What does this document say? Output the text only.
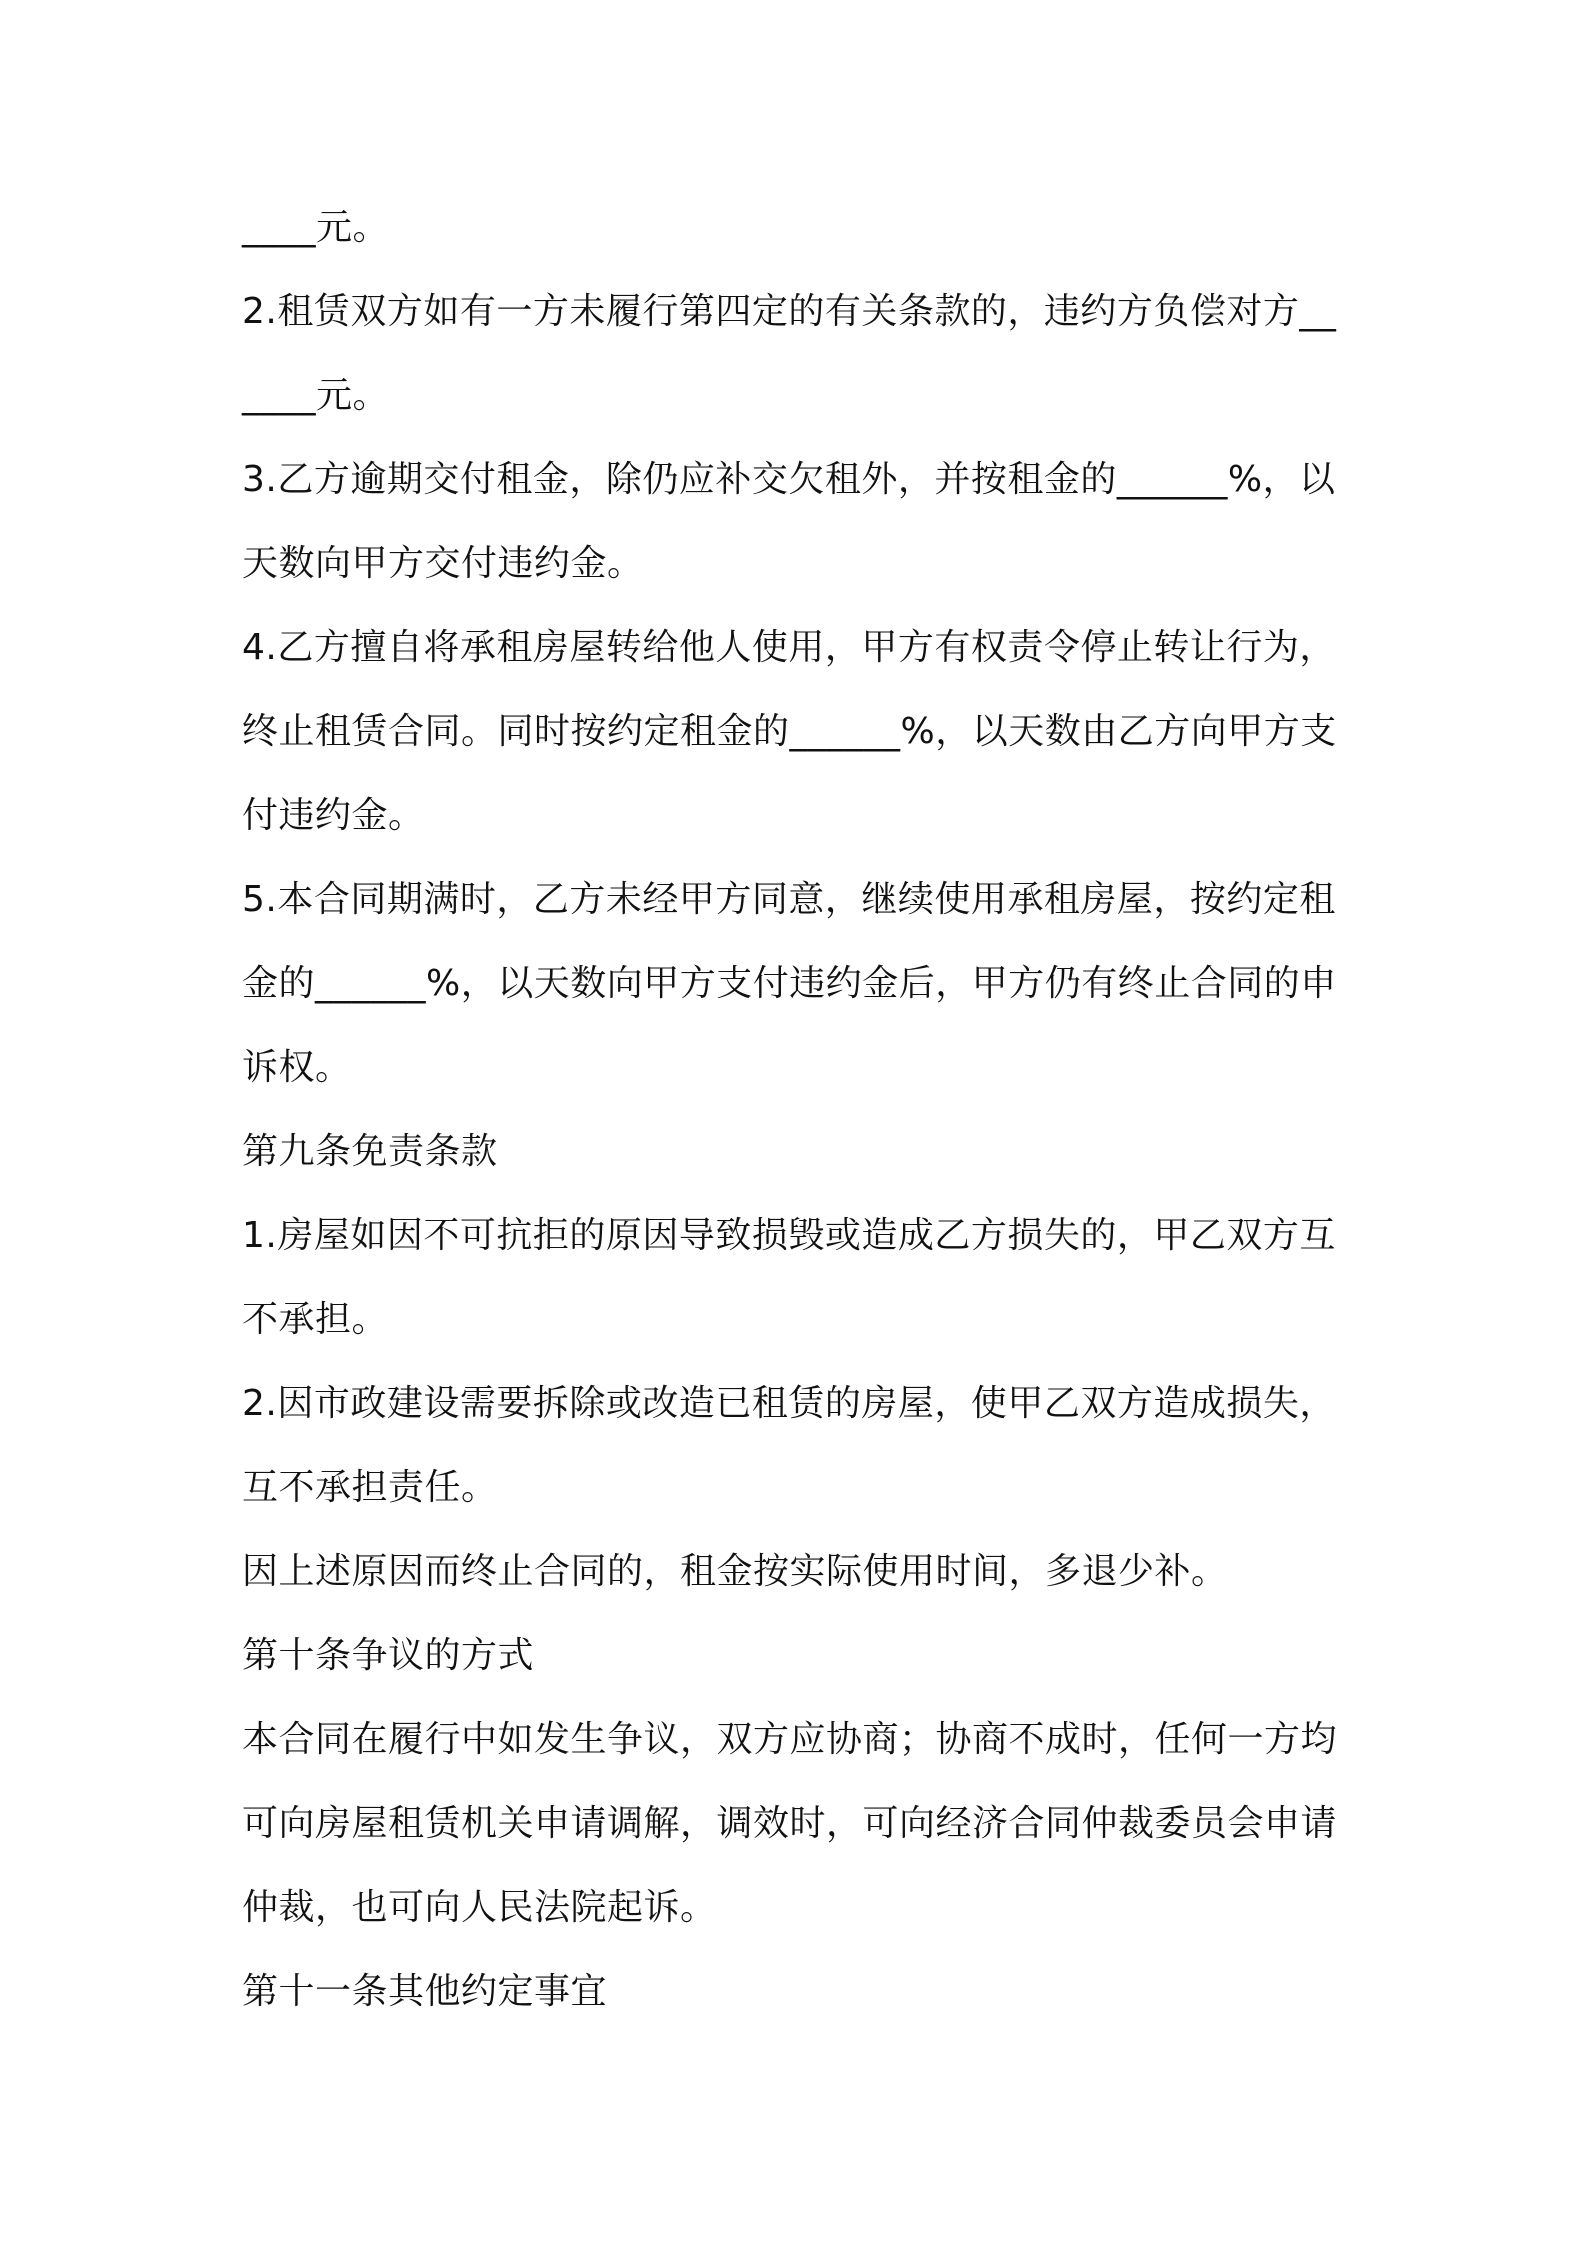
____元。
2.租赁双方如有一方未履行第四定的有关条款的，违约方负偿对方__
____元。
3.乙方逾期交付租金，除仍应补交欠租外，并按租金的______%，以
天数向甲方交付违约金。
4.乙方擅自将承租房屋转给他人使用，甲方有权责令停止转让行为，
终止租赁合同。同时按约定租金的______%，以天数由乙方向甲方支
付违约金。
5.本合同期满时，乙方未经甲方同意，继续使用承租房屋，按约定租
金的______%，以天数向甲方支付违约金后，甲方仍有终止合同的申
诉权。
第九条免责条款
1.房屋如因不可抗拒的原因导致损毁或造成乙方损失的，甲乙双方互
不承担。
2.因市政建设需要拆除或改造已租赁的房屋，使甲乙双方造成损失，
互不承担责任。
因上述原因而终止合同的，租金按实际使用时间，多退少补。
第十条争议的方式
本合同在履行中如发生争议，双方应协商；协商不成时，任何一方均
可向房屋租赁机关申请调解，调效时，可向经济合同仲裁委员会申请
仲裁，也可向人民法院起诉。
第十一条其他约定事宜
